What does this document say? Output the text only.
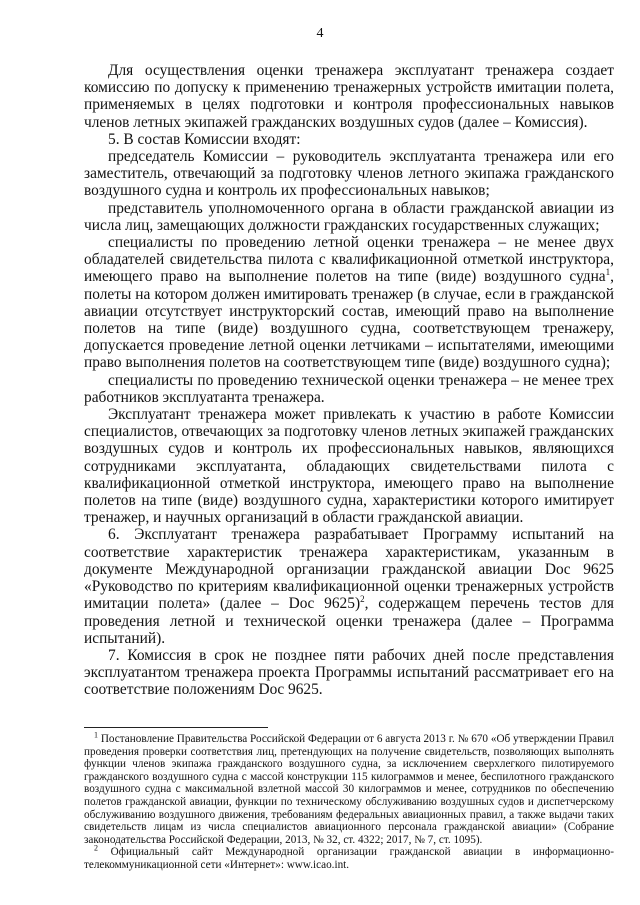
4

Для осуществления оценки тренажера эксплуатант тренажера создает комиссию по допуску к применению тренажерных устройств имитации полета, применяемых в целях подготовки и контроля профессиональных навыков членов летных экипажей гражданских воздушных судов (далее – Комиссия).

5. В состав Комиссии входят:

председатель Комиссии – руководитель эксплуатанта тренажера или его заместитель, отвечающий за подготовку членов летного экипажа гражданского воздушного судна и контроль их профессиональных навыков;

представитель уполномоченного органа в области гражданской авиации из числа лиц, замещающих должности гражданских государственных служащих;

специалисты по проведению летной оценки тренажера – не менее двух обладателей свидетельства пилота с квалификационной отметкой инструктора, имеющего право на выполнение полетов на типе (виде) воздушного судна$^1$, полеты на котором должен имитировать тренажер (в случае, если в гражданской авиации отсутствует инструкторский состав, имеющий право на выполнение полетов на типе (виде) воздушного судна, соответствующем тренажеру, допускается проведение летной оценки летчиками – испытателями, имеющими право выполнения полетов на соответствующем типе (виде) воздушного судна);

специалисты по проведению технической оценки тренажера – не менее трех работников эксплуатанта тренажера.

Эксплуатант тренажера может привлекать к участию в работе Комиссии специалистов, отвечающих за подготовку членов летных экипажей гражданских воздушных судов и контроль их профессиональных навыков, являющихся сотрудниками эксплуатанта, обладающих свидетельствами пилота с квалификационной отметкой инструктора, имеющего право на выполнение полетов на типе (виде) воздушного судна, характеристики которого имитирует тренажер, и научных организаций в области гражданской авиации.

6. Эксплуатант тренажера разрабатывает Программу испытаний на соответствие характеристик тренажера характеристикам, указанным в документе Международной организации гражданской авиации Doc 9625 «Руководство по критериям квалификационной оценки тренажерных устройств имитации полета» (далее – Doc 9625)$^2$, содержащем перечень тестов для проведения летной и технической оценки тренажера (далее – Программа испытаний).

7. Комиссия в срок не позднее пяти рабочих дней после представления эксплуатантом тренажера проекта Программы испытаний рассматривает его на соответствие положениям Doc 9625.

$^1$ Постановление Правительства Российской Федерации от 6 августа 2013 г. № 670 «Об утверждении Правил проведения проверки соответствия лиц, претендующих на получение свидетельств, позволяющих выполнять функции членов экипажа гражданского воздушного судна, за исключением сверхлегкого пилотируемого гражданского воздушного судна с массой конструкции 115 килограммов и менее, беспилотного гражданского воздушного судна с максимальной взлетной массой 30 килограммов и менее, сотрудников по обеспечению полетов гражданской авиации, функции по техническому обслуживанию воздушных судов и диспетчерскому обслуживанию воздушного движения, требованиям федеральных авиационных правил, а также выдачи таких свидетельств лицам из числа специалистов авиационного персонала гражданской авиации» (Собрание законодательства Российской Федерации, 2013, № 32, ст. 4322; 2017, № 7, ст. 1095).

$^2$ Официальный сайт Международной организации гражданской авиации в информационно-телекоммуникационной сети «Интернет»: www.icao.int.
